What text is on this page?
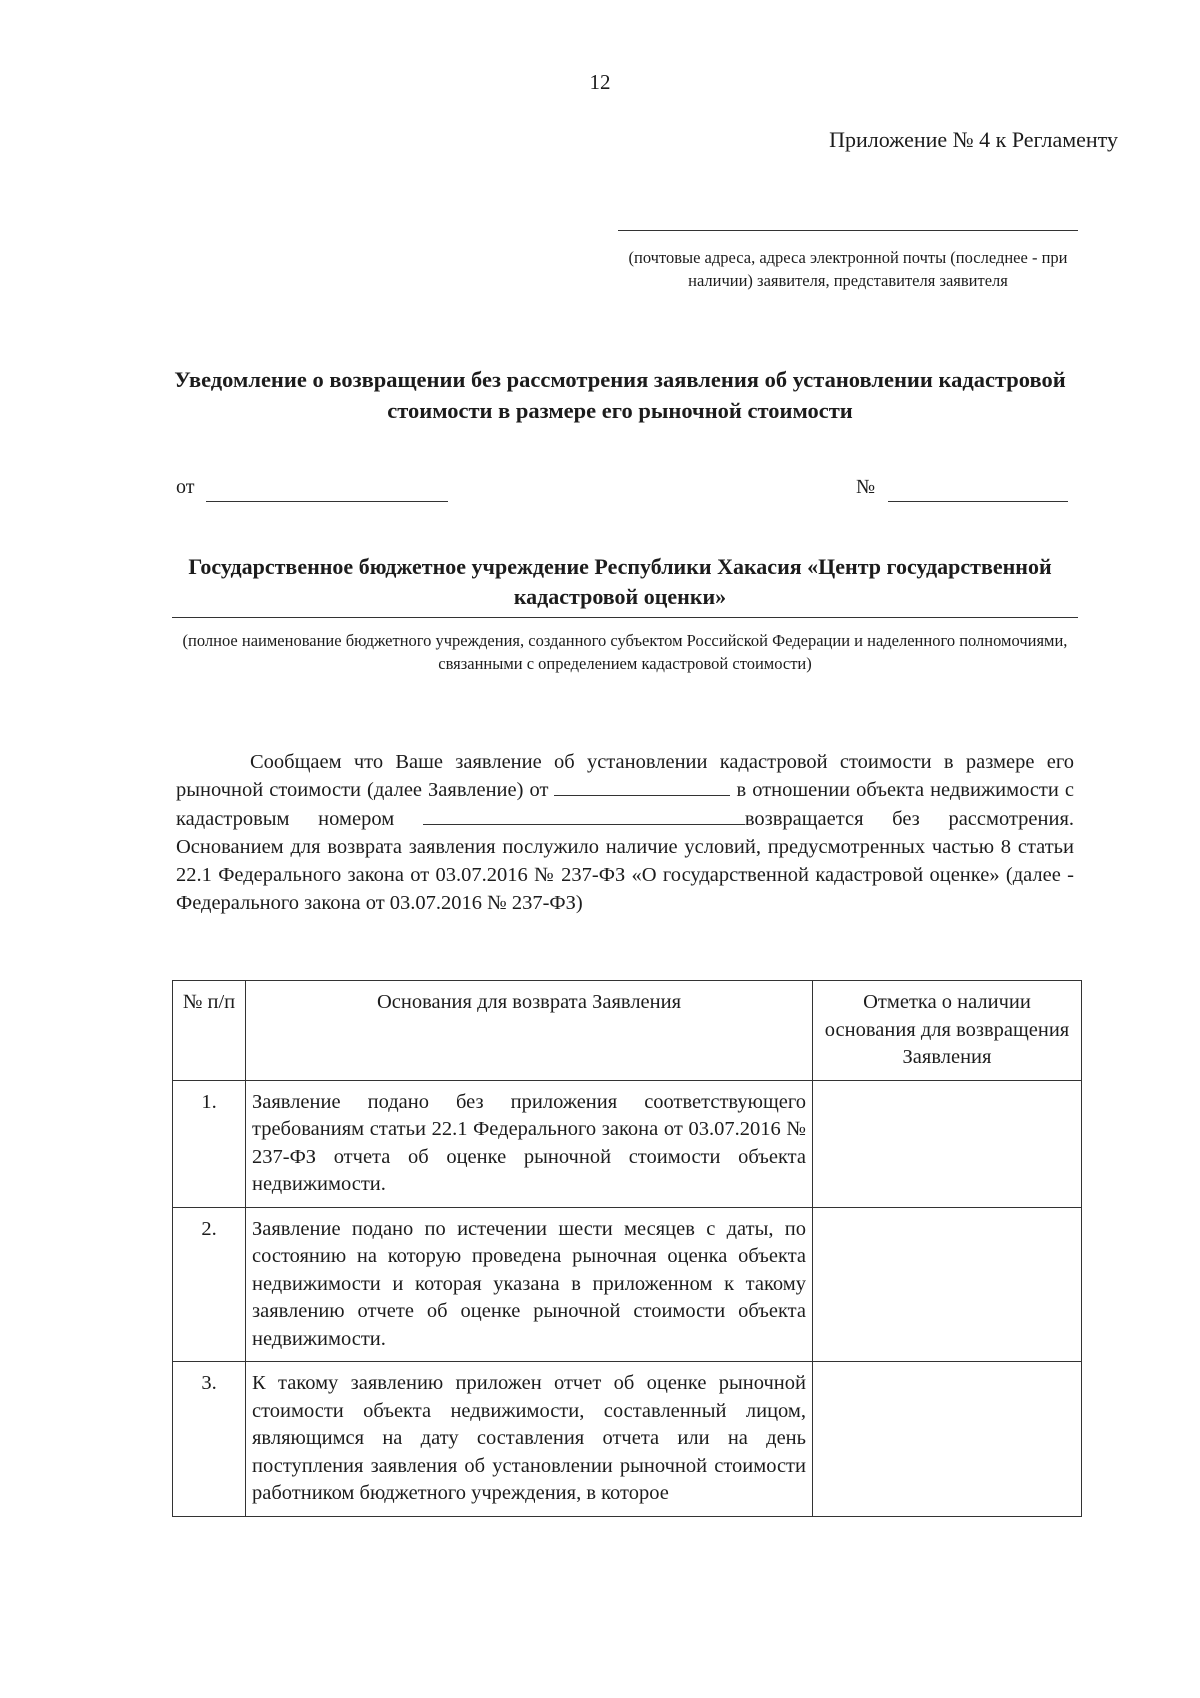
12
Приложение № 4 к Регламенту
(почтовые адреса, адреса электронной почты (последнее - при наличии) заявителя, представителя заявителя
Уведомление о возвращении без рассмотрения заявления об установлении кадастровой стоимости в размере его рыночной стоимости
от	№
Государственное бюджетное учреждение Республики Хакасия «Центр государственной кадастровой оценки»
(полное наименование бюджетного учреждения, созданного субъектом Российской Федерации и наделенного полномочиями, связанными с определением кадастровой стоимости)

Сообщаем что Ваше заявление об установлении кадастровой стоимости в размере его рыночной стоимости (далее Заявление) от	в отношении объекта недвижимости с кадастровым номером	возвращается без рассмотрения. Основанием для возврата заявления послужило наличие условий, предусмотренных частью 8 статьи 22.1 Федерального закона от 03.07.2016 № 237-ФЗ «О государственной кадастровой оценке» (далее - Федерального закона от 03.07.2016 № 237-ФЗ)

№ п/п	Основания для возврата Заявления	Отметка о наличии основания для возвращения Заявления
1.	Заявление подано без приложения соответствующего требованиям статьи 22.1 Федерального закона от 03.07.2016 № 237-ФЗ отчета об оценке рыночной стоимости объекта недвижимости.	
2.	Заявление подано по истечении шести месяцев с даты, по состоянию на которую проведена рыночная оценка объекта недвижимости и которая указана в приложенном к такому заявлению отчете об оценке рыночной стоимости объекта недвижимости.	
3.	К такому заявлению приложен отчет об оценке рыночной стоимости объекта недвижимости, составленный лицом, являющимся на дату составления отчета или на день поступления заявления об установлении рыночной стоимости работником бюджетного учреждения, в которое	
